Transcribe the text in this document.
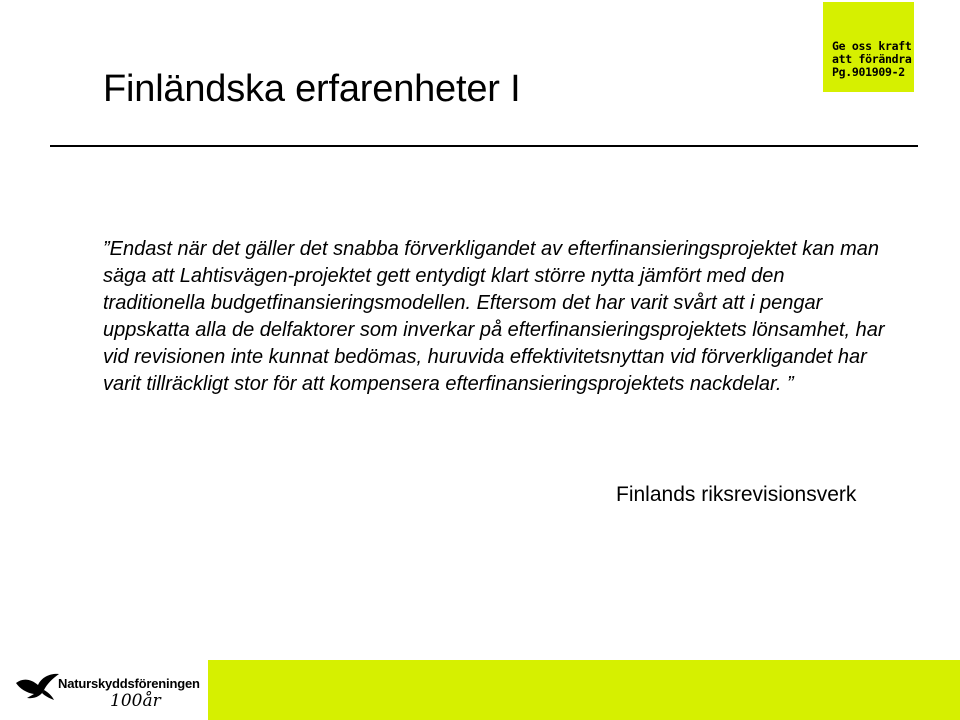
Ge oss kraft
att förändra
Pg.901909-2
Finländska erfarenheter I

”Endast när det gäller det snabba förverkligandet av efterfinansieringsprojektet kan man säga att Lahtisvägen-projektet gett entydigt klart större nytta jämfört med den traditionella budgetfinansieringsmodellen. Eftersom det har varit svårt att i pengar uppskatta alla de delfaktorer som inverkar på efterfinansieringsprojektets lönsamhet, har vid revisionen inte kunnat bedömas, huruvida effektivitetsnyttan vid förverkligandet har varit tillräckligt stor för att kompensera efterfinansieringsprojektets nackdelar. ”

Finlands riksrevisionsverk

Naturskyddsföreningen
100år
